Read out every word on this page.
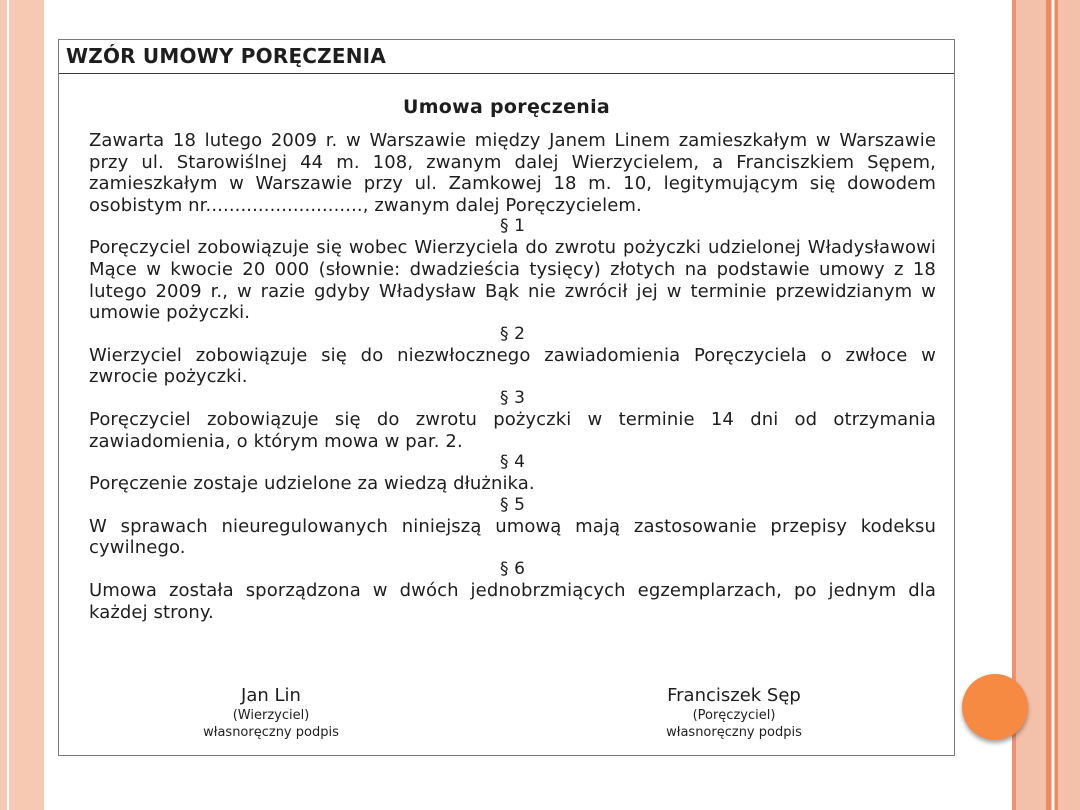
WZÓR UMOWY PORĘCZENIA
Umowa poręczenia

Zawarta 18 lutego 2009 r. w Warszawie między Janem Linem zamieszkałym w Warszawie przy ul. Starowiślnej 44 m. 108, zwanym dalej Wierzycielem, a Franciszkiem Sępem, zamieszkałym w Warszawie przy ul. Zamkowej 18 m. 10, legitymującym się dowodem osobistym nr..........................., zwanym dalej Poręczycielem.

§ 1

Poręczyciel zobowiązuje się wobec Wierzyciela do zwrotu pożyczki udzielonej Władysławowi Mące w kwocie 20 000 (słownie: dwadzieścia tysięcy) złotych na podstawie umowy z 18 lutego 2009 r., w razie gdyby Władysław Bąk nie zwrócił jej w terminie przewidzianym w umowie pożyczki.

§ 2

Wierzyciel zobowiązuje się do niezwłocznego zawiadomienia Poręczyciela o zwłoce w zwrocie pożyczki.

§ 3

Poręczyciel zobowiązuje się do zwrotu pożyczki w terminie 14 dni od otrzymania zawiadomienia, o którym mowa w par. 2.

§ 4

Poręczenie zostaje udzielone za wiedzą dłużnika.

§ 5

W sprawach nieuregulowanych niniejszą umową mają zastosowanie przepisy kodeksu cywilnego.

§ 6

Umowa została sporządzona w dwóch jednobrzmiących egzemplarzach, po jednym dla każdej strony.

Jan Lin
(Wierzyciel)
własnoręczny podpis
Franciszek Sęp
(Poręczyciel)
własnoręczny podpis
